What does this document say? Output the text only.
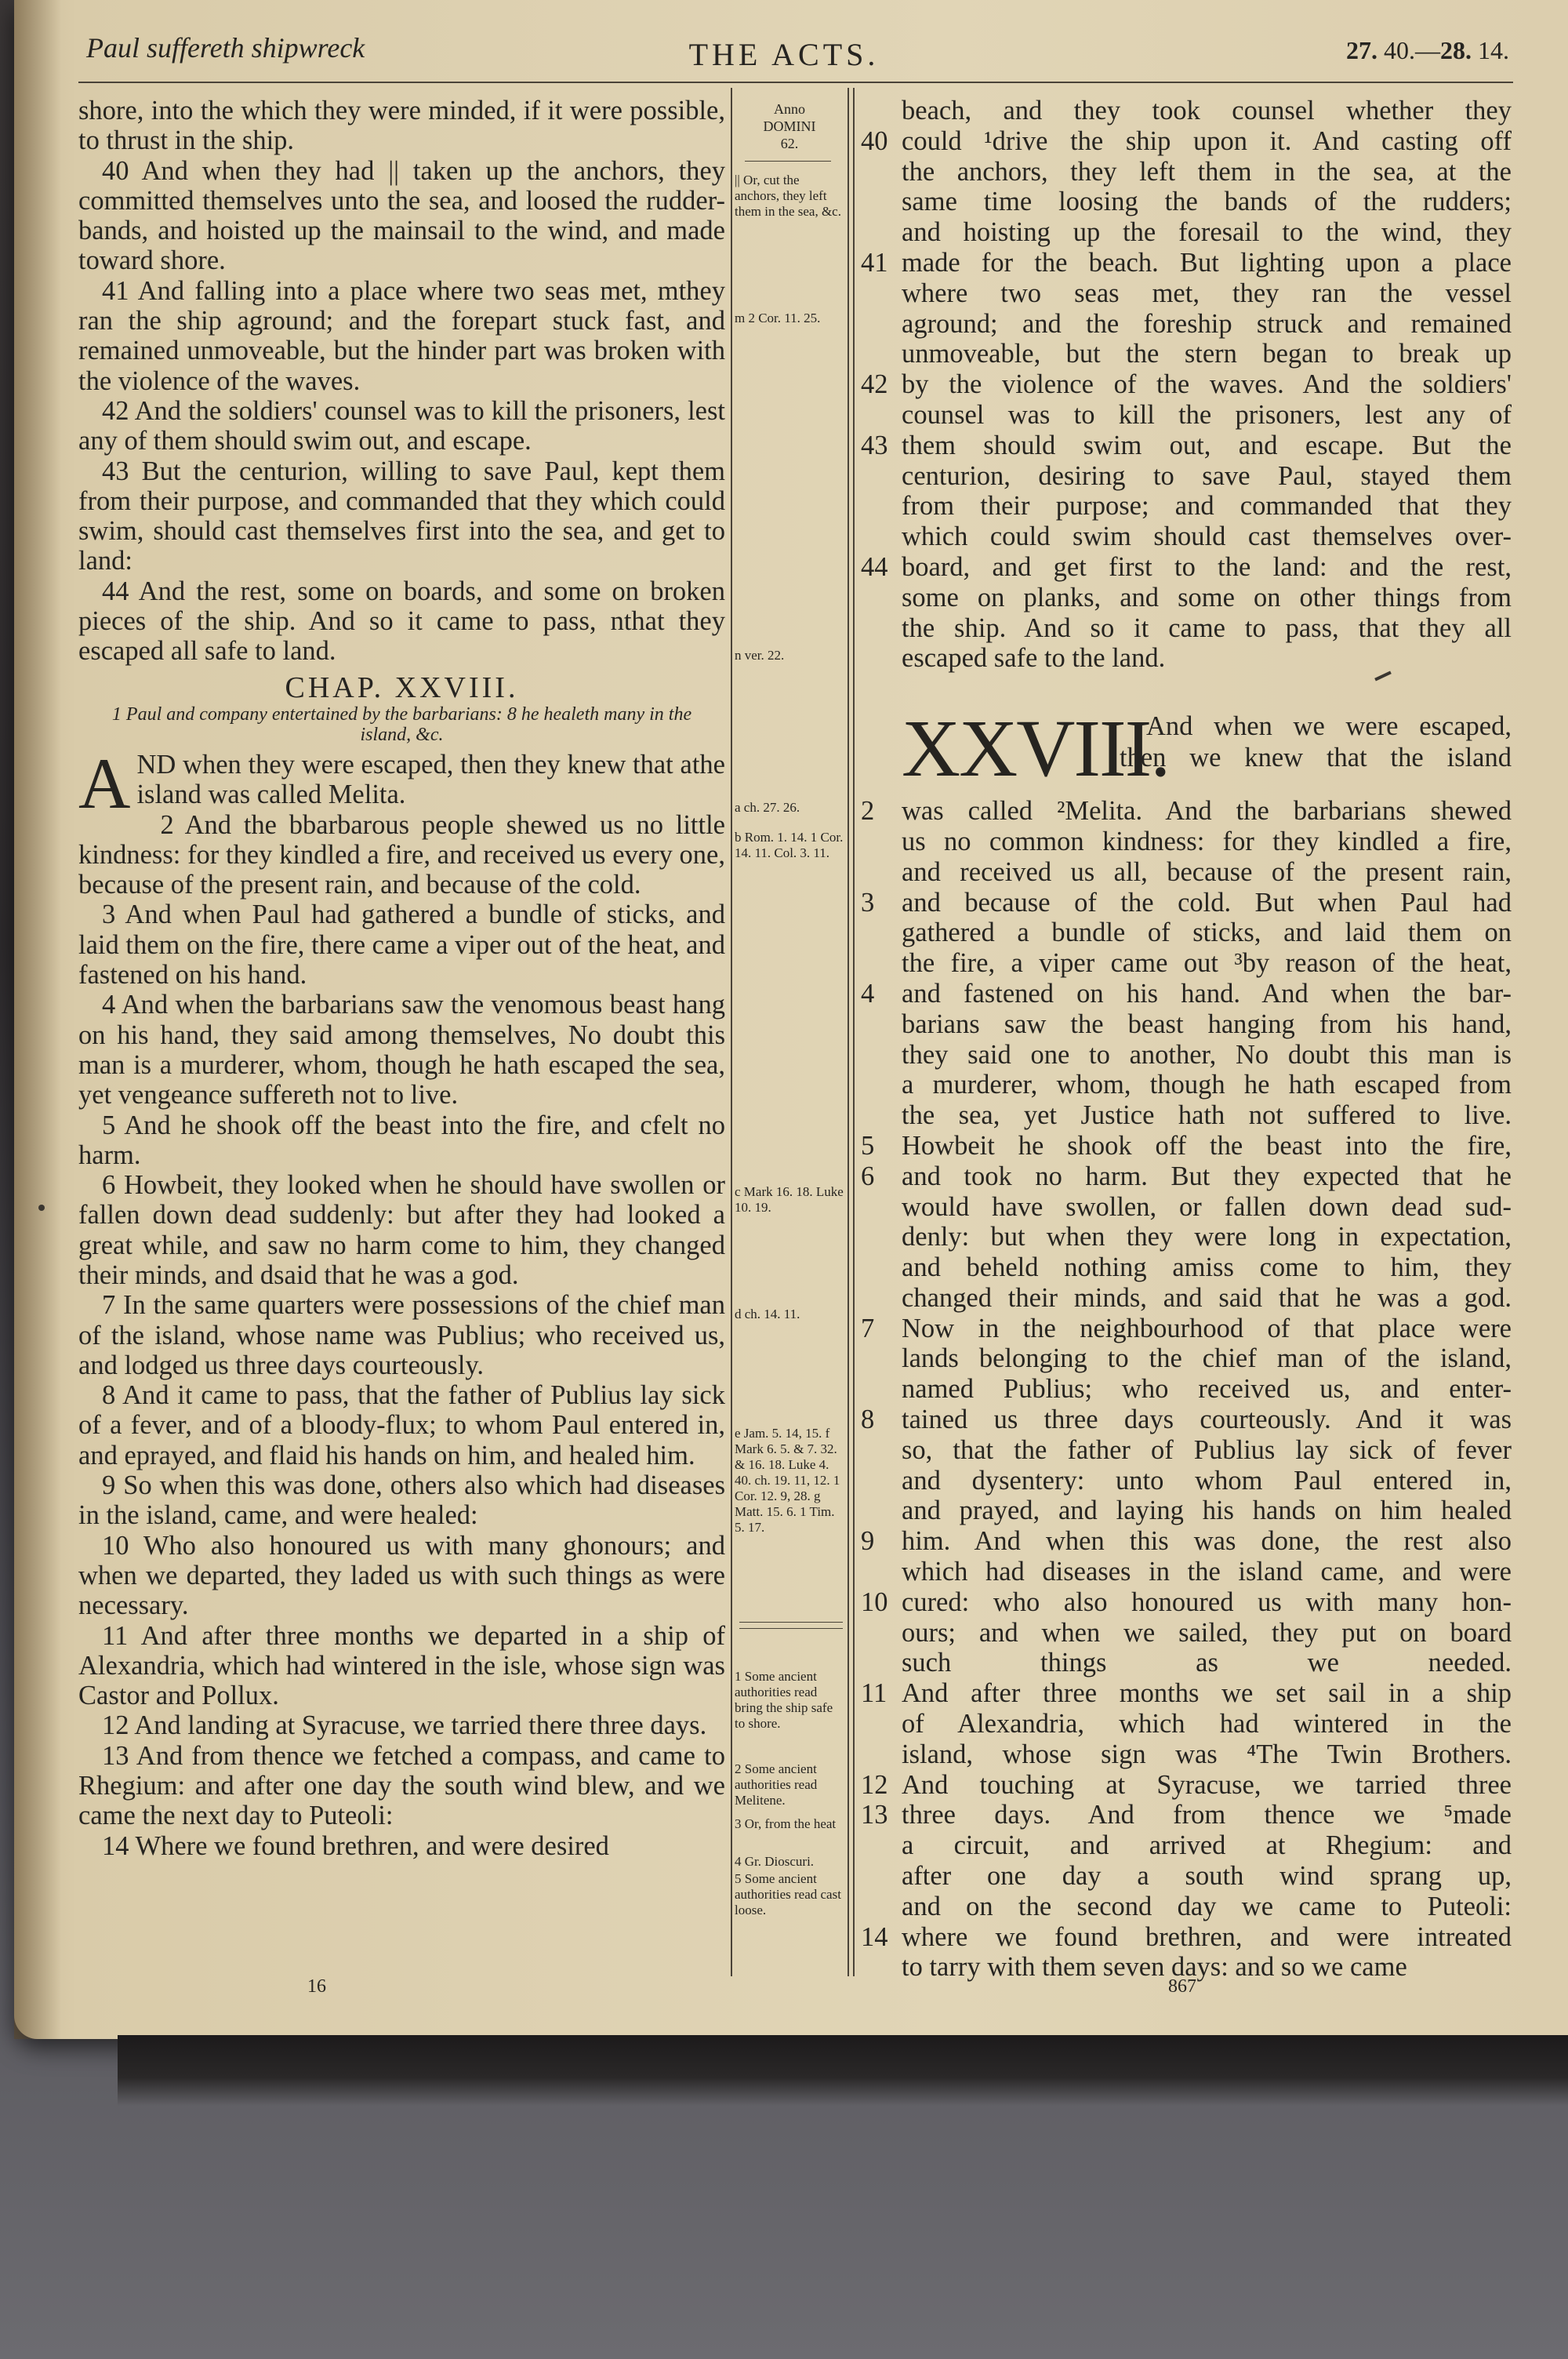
Paul suffereth shipwreck	THE ACTS.	27. 40.—28. 14.

shore, into the which they were minded, if it were possible, to thrust in the ship.

40 And when they had || taken up the anchors, they committed themselves unto the sea, and loosed the rudder-bands, and hoisted up the mainsail to the wind, and made toward shore.

41 And falling into a place where two seas met, mthey ran the ship aground; and the forepart stuck fast, and remained unmoveable, but the hinder part was broken with the violence of the waves.

42 And the soldiers' counsel was to kill the prisoners, lest any of them should swim out, and escape.

43 But the centurion, willing to save Paul, kept them from their purpose, and commanded that they which could swim, should cast themselves first into the sea, and get to land:

44 And the rest, some on boards, and some on broken pieces of the ship. And so it came to pass, nthat they escaped all safe to land.

CHAP. XXVIII.
1 Paul and company entertained by the barbarians: 8 he healeth many in the island, &c.

AND when they were escaped, then they knew that athe island was called Melita.

2 And the bbarbarous people shewed us no little kindness: for they kindled a fire, and received us every one, because of the present rain, and because of the cold.

3 And when Paul had gathered a bundle of sticks, and laid them on the fire, there came a viper out of the heat, and fastened on his hand.

4 And when the barbarians saw the venomous beast hang on his hand, they said among themselves, No doubt this man is a murderer, whom, though he hath escaped the sea, yet vengeance suffereth not to live.

5 And he shook off the beast into the fire, and cfelt no harm.

6 Howbeit, they looked when he should have swollen or fallen down dead suddenly: but after they had looked a great while, and saw no harm come to him, they changed their minds, and dsaid that he was a god.

7 In the same quarters were possessions of the chief man of the island, whose name was Publius; who received us, and lodged us three days courteously.

8 And it came to pass, that the father of Publius lay sick of a fever, and of a bloody-flux; to whom Paul entered in, and eprayed, and flaid his hands on him, and healed him.

9 So when this was done, others also which had diseases in the island, came, and were healed:

10 Who also honoured us with many ghonours; and when we departed, they laded us with such things as were necessary.

11 And after three months we departed in a ship of Alexandria, which had wintered in the isle, whose sign was Castor and Pollux.

12 And landing at Syracuse, we tarried there three days.

13 And from thence we fetched a compass, and came to Rhegium: and after one day the south wind blew, and we came the next day to Puteoli:

14 Where we found brethren, and were desired

Anno
DOMINI
62.
|| Or, cut the anchors, they left them in the sea, &c.
m 2 Cor. 11. 25.
n ver. 22.
a ch. 27. 26.
b Rom. 1. 14. 1 Cor. 14. 11. Col. 3. 11.
c Mark 16. 18. Luke 10. 19.
d ch. 14. 11.
e Jam. 5. 14, 15. f Mark 6. 5. & 7. 32. & 16. 18. Luke 4. 40. ch. 19. 11, 12. 1 Cor. 12. 9, 28. g Matt. 15. 6. 1 Tim. 5. 17.
1 Some ancient authorities read bring the ship safe to shore.
2 Some ancient authorities read Melitene.
3 Or, from the heat
4 Gr. Dioscuri.
5 Some ancient authorities read cast loose.
beach, and they took counsel whether they
40 could ¹drive the ship upon it. And casting off
the anchors, they left them in the sea, at the
same time loosing the bands of the rudders;
and hoisting up the foresail to the wind, they
41 made for the beach. But lighting upon a place
where two seas met, they ran the vessel
aground; and the foreship struck and remained
unmoveable, but the stern began to break up
42 by the violence of the waves. And the soldiers'
counsel was to kill the prisoners, lest any of
43 them should swim out, and escape. But the
centurion, desiring to save Paul, stayed them
from their purpose; and commanded that they
which could swim should cast themselves over-
44 board, and get first to the land: and the rest,
some on planks, and some on other things from
the ship. And so it came to pass, that they all
escaped safe to the land.
XXVIII.
And when we were escaped,
then we knew that the island
2	was called ²Melita. And the barbarians shewed
us no common kindness: for they kindled a fire,
and received us all, because of the present rain,
3	and because of the cold. But when Paul had
gathered a bundle of sticks, and laid them on
the fire, a viper came out ³by reason of the heat,
4	and fastened on his hand. And when the bar-
barians saw the beast hanging from his hand,
they said one to another, No doubt this man is
a murderer, whom, though he hath escaped from
the sea, yet Justice hath not suffered to live.
5	Howbeit he shook off the beast into the fire,
6	and took no harm. But they expected that he
would have swollen, or fallen down dead sud-
denly: but when they were long in expectation,
and beheld nothing amiss come to him, they
changed their minds, and said that he was a god.
7	Now in the neighbourhood of that place were
lands belonging to the chief man of the island,
named Publius; who received us, and enter-
8	tained us three days courteously. And it was
so, that the father of Publius lay sick of fever
and dysentery: unto whom Paul entered in,
and prayed, and laying his hands on him healed
9	him. And when this was done, the rest also
which had diseases in the island came, and were
10 cured: who also honoured us with many hon-
ours; and when we sailed, they put on board
such things as we needed.
11 And after three months we set sail in a ship
of Alexandria, which had wintered in the
island, whose sign was ⁴The Twin Brothers.
12 And touching at Syracuse, we tarried three
13 three days. And from thence we ⁵made
a circuit, and arrived at Rhegium: and
after one day a south wind sprang up,
and on the second day we came to Puteoli:
14 where we found brethren, and were intreated
to tarry with them seven days: and so we came
16	867
